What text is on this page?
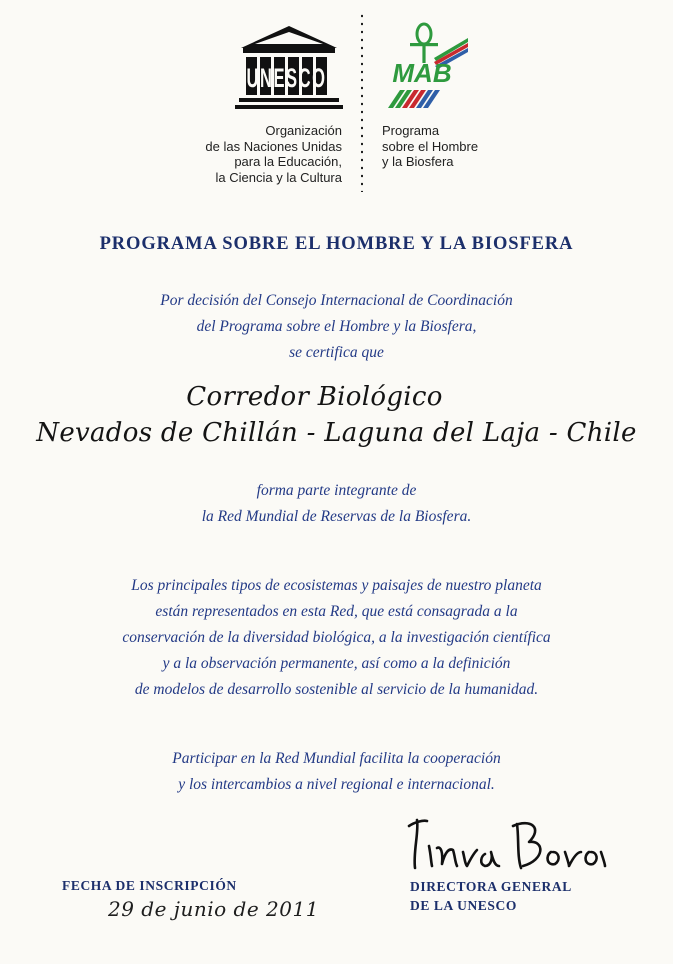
UNESCO
Organización
de las Naciones Unidas
para la Educación,
la Ciencia y la Cultura
MAB
Programa
sobre el Hombre
y la Biosfera
PROGRAMA SOBRE EL HOMBRE Y LA BIOSFERA
Por decisión del Consejo Internacional de Coordinación
del Programa sobre el Hombre y la Biosfera,
se certifica que
Corredor Biológico
Nevados de Chillán - Laguna del Laja - Chile
forma parte integrante de
la Red Mundial de Reservas de la Biosfera.
Los principales tipos de ecosistemas y paisajes de nuestro planeta
están representados en esta Red, que está consagrada a la
conservación de la diversidad biológica, a la investigación científica
y a la observación permanente, así como a la definición
de modelos de desarrollo sostenible al servicio de la humanidad.
Participar en la Red Mundial facilita la cooperación
y los intercambios a nivel regional e internacional.
FECHA DE INSCRIPCIÓN
29 de junio de 2011
DIRECTORA GENERAL
DE LA UNESCO
